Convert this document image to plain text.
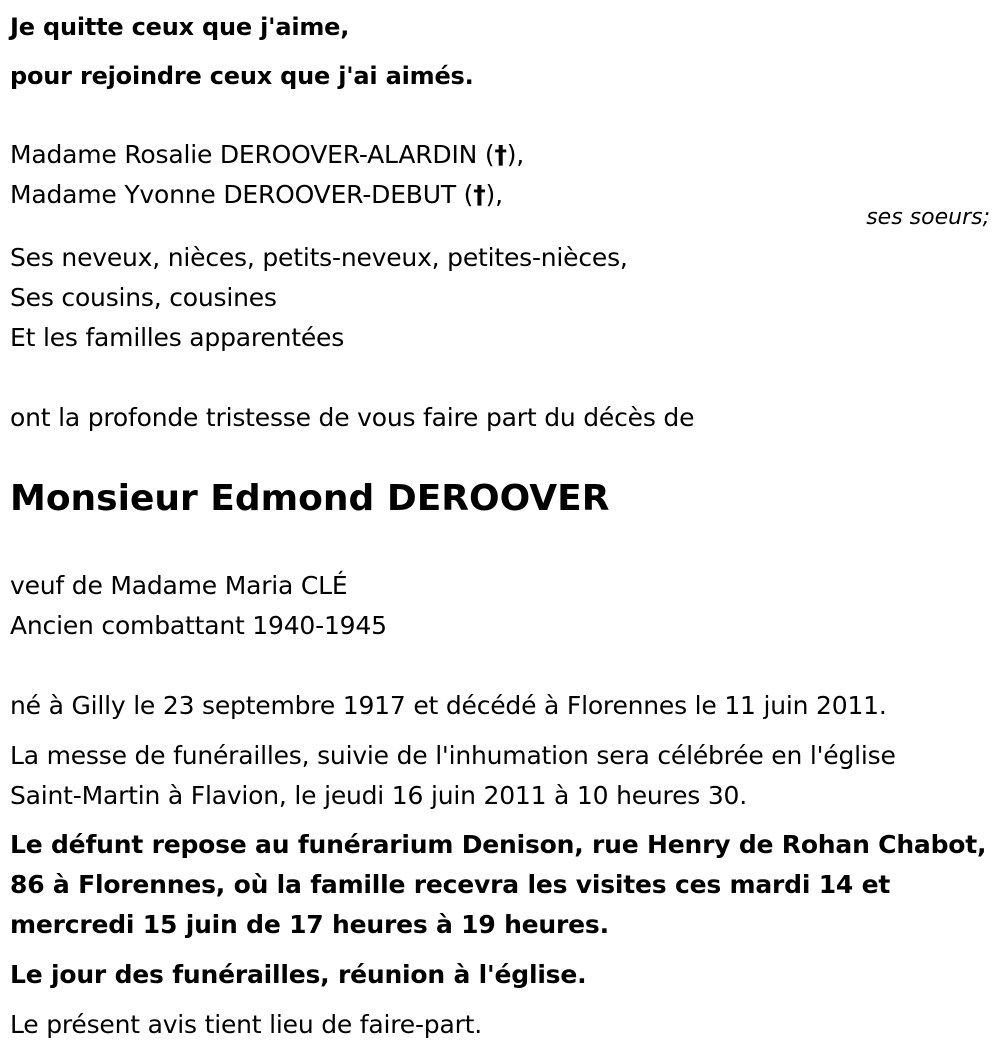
Je quitte ceux que j'aime,
pour rejoindre ceux que j'ai aimés.
Madame Rosalie DEROOVER-ALARDIN (†),
Madame Yvonne DEROOVER-DEBUT (†),
ses soeurs;
Ses neveux, nièces, petits-neveux, petites-nièces,
Ses cousins, cousines
Et les familles apparentées
ont la profonde tristesse de vous faire part du décès de
Monsieur Edmond DEROOVER
veuf de Madame Maria CLÉ
Ancien combattant 1940-1945
né à Gilly le 23 septembre 1917 et décédé à Florennes le 11 juin 2011.
La messe de funérailles, suivie de l'inhumation sera célébrée en l'église
Saint-Martin à Flavion, le jeudi 16 juin 2011 à 10 heures 30.
Le défunt repose au funérarium Denison, rue Henry de Rohan Chabot,
86 à Florennes, où la famille recevra les visites ces mardi 14 et
mercredi 15 juin de 17 heures à 19 heures.
Le jour des funérailles, réunion à l'église.
Le présent avis tient lieu de faire-part.
